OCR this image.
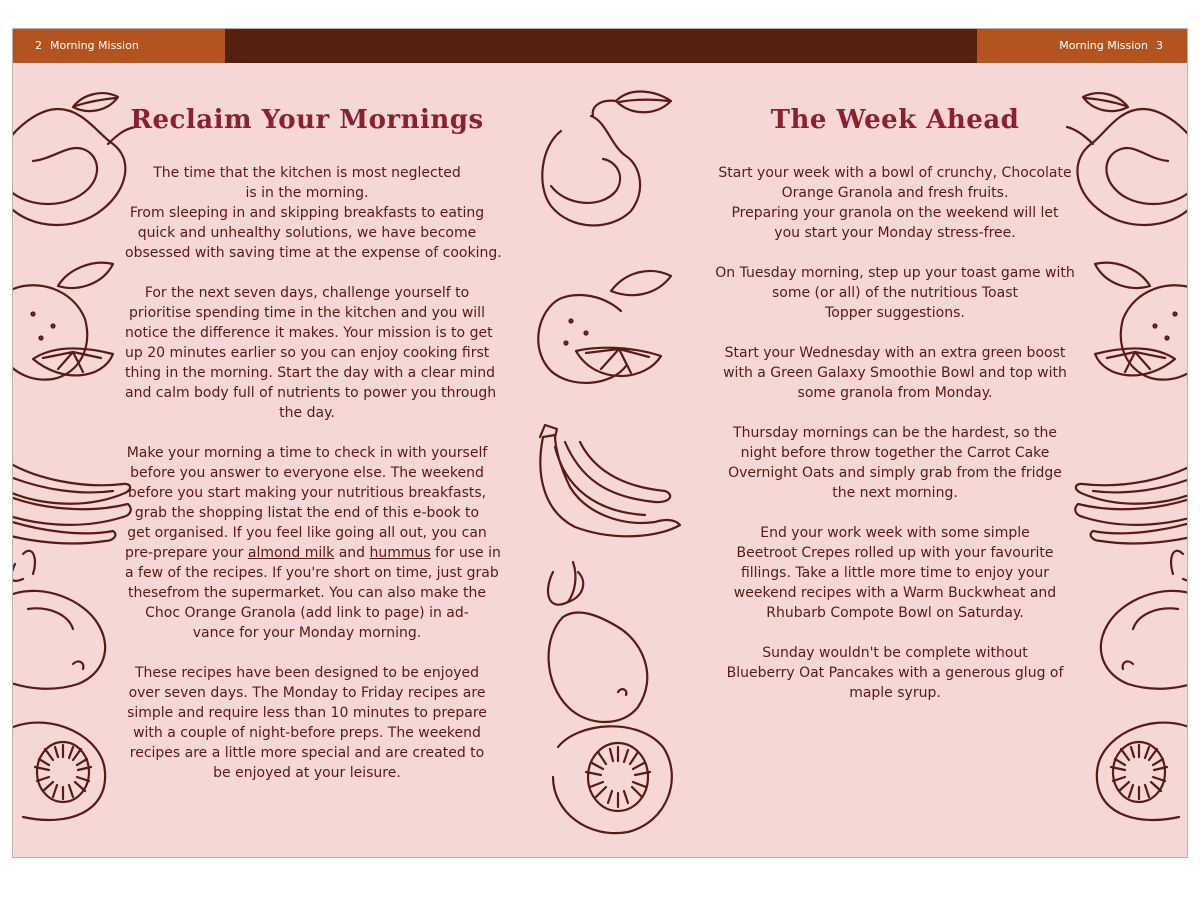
2 Morning Mission	Morning Mission 3
Reclaim Your Mornings
The time that the kitchen is most neglected
is in the morning.
From sleeping in and skipping breakfasts to eating
quick and unhealthy solutions, we have become
obsessed with saving time at the expense of cooking.
For the next seven days, challenge yourself to
prioritise spending time in the kitchen and you will
notice the difference it makes. Your mission is to get
up 20 minutes earlier so you can enjoy cooking first
thing in the morning. Start the day with a clear mind
and calm body full of nutrients to power you through
the day.
Make your morning a time to check in with yourself
before you answer to everyone else. The weekend
before you start making your nutritious breakfasts,
grab the shopping listat the end of this e-book to
get organised. If you feel like going all out, you can
pre-prepare your almond milk and hummus for use in
a few of the recipes. If you're short on time, just grab
thesefrom the supermarket. You can also make the
Choc Orange Granola (add link to page) in ad-
vance for your Monday morning.
These recipes have been designed to be enjoyed
over seven days. The Monday to Friday recipes are
simple and require less than 10 minutes to prepare
with a couple of night-before preps. The weekend
recipes are a little more special and are created to
be enjoyed at your leisure.
The Week Ahead
Start your week with a bowl of crunchy, Chocolate
Orange Granola and fresh fruits.
Preparing your granola on the weekend will let
you start your Monday stress-free.
On Tuesday morning, step up your toast game with
some (or all) of the nutritious Toast
Topper suggestions.
Start your Wednesday with an extra green boost
with a Green Galaxy Smoothie Bowl and top with
some granola from Monday.
Thursday mornings can be the hardest, so the
night before throw together the Carrot Cake
Overnight Oats and simply grab from the fridge
the next morning.
End your work week with some simple
Beetroot Crepes rolled up with your favourite
fillings. Take a little more time to enjoy your
weekend recipes with a Warm Buckwheat and
Rhubarb Compote Bowl on Saturday.
Sunday wouldn't be complete without
Blueberry Oat Pancakes with a generous glug of
maple syrup.
